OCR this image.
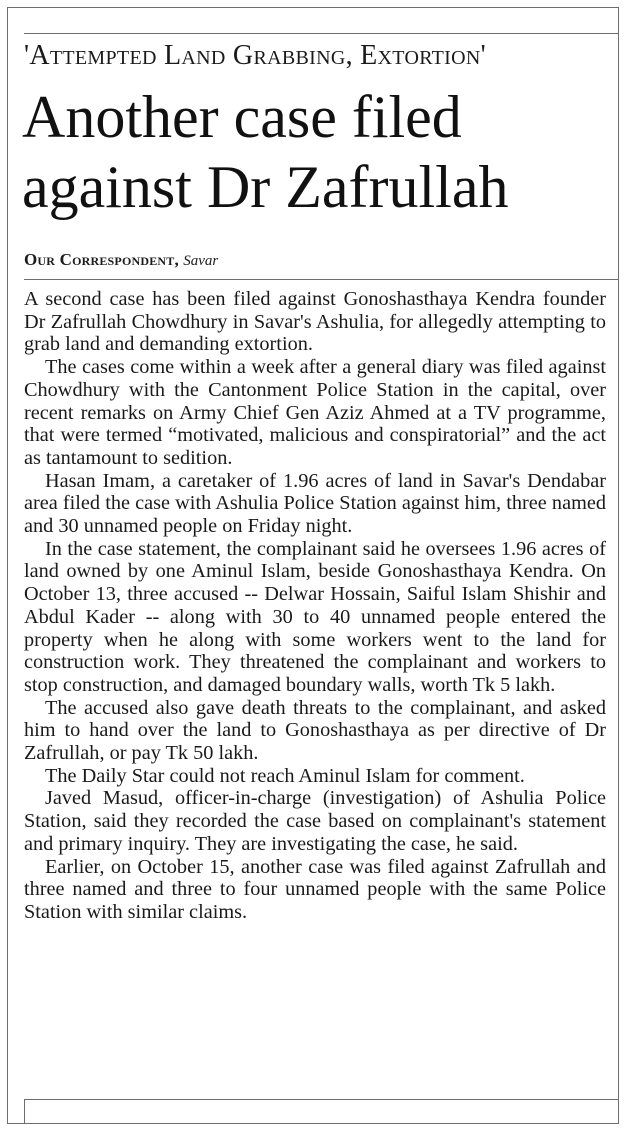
'Attempted Land Grabbing, Extortion'
Another case filed against Dr Zafrullah
Our Correspondent, Savar

A second case has been filed against Gonoshasthaya Kendra founder Dr Zafrullah Chowdhury in Savar's Ashulia, for allegedly attempting to grab land and demanding extortion.

The cases come within a week after a general diary was filed against Chowdhury with the Cantonment Police Station in the capital, over recent remarks on Army Chief Gen Aziz Ahmed at a TV programme, that were termed “motivated, malicious and conspiratorial” and the act as tantamount to sedition.

Hasan Imam, a caretaker of 1.96 acres of land in Savar's Dendabar area filed the case with Ashulia Police Station against him, three named and 30 unnamed people on Friday night.

In the case statement, the complainant said he oversees 1.96 acres of land owned by one Aminul Islam, beside Gonoshasthaya Kendra. On October 13, three accused -- Delwar Hossain, Saiful Islam Shishir and Abdul Kader -- along with 30 to 40 unnamed people entered the property when he along with some workers went to the land for construction work. They threatened the complainant and workers to stop construction, and damaged boundary walls, worth Tk 5 lakh.

The accused also gave death threats to the complainant, and asked him to hand over the land to Gonoshasthaya as per directive of Dr Zafrullah, or pay Tk 50 lakh.

The Daily Star could not reach Aminul Islam for comment.

Javed Masud, officer-in-charge (investigation) of Ashulia Police Station, said they recorded the case based on complainant's statement and primary inquiry. They are investigating the case, he said.

Earlier, on October 15, another case was filed against Zafrullah and three named and three to four unnamed people with the same Police Station with similar claims.
